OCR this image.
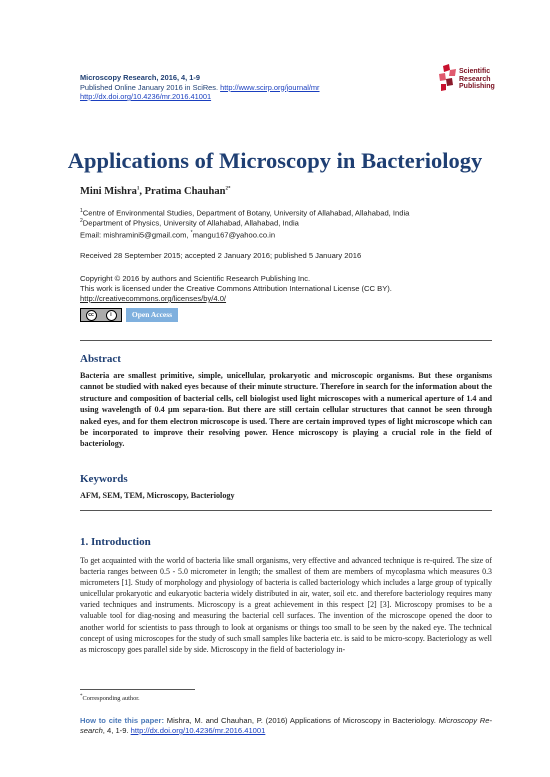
Microscopy Research, 2016, 4, 1-9
Published Online January 2016 in SciRes. http://www.scirp.org/journal/mr
http://dx.doi.org/10.4236/mr.2016.41001
Scientific
Research
Publishing
Applications of Microscopy in Bacteriology
Mini Mishra$^1$, Pratima Chauhan$^{2*}$
$^1$Centre of Environmental Studies, Department of Botany, University of Allahabad, Allahabad, India
$^2$Department of Physics, University of Allahabad, Allahabad, India
Email: mishramini5@gmail.com, *mangu167@yahoo.co.in
Received 28 September 2015; accepted 2 January 2016; published 5 January 2016
Copyright © 2016 by authors and Scientific Research Publishing Inc.
This work is licensed under the Creative Commons Attribution International License (CC BY).
http://creativecommons.org/licenses/by/4.0/
cc	i	Open Access
Abstract

Bacteria are smallest primitive, simple, unicellular, prokaryotic and microscopic organisms. But these organisms cannot be studied with naked eyes because of their minute structure. Therefore in search for the information about the structure and composition of bacterial cells, cell biologist used light microscopes with a numerical aperture of 1.4 and using wavelength of 0.4 μm separa-tion. But there are still certain cellular structures that cannot be seen through naked eyes, and for them electron microscope is used. There are certain improved types of light microscope which can be incorporated to improve their resolving power. Hence microscopy is playing a crucial role in the field of bacteriology.

Keywords
AFM, SEM, TEM, Microscopy, Bacteriology
1. Introduction

To get acquainted with the world of bacteria like small organisms, very effective and advanced technique is re-quired. The size of bacteria ranges between 0.5 - 5.0 micrometer in length; the smallest of them are members of mycoplasma which measures 0.3 micrometers [1]. Study of morphology and physiology of bacteria is called bacteriology which includes a large group of typically unicellular prokaryotic and eukaryotic bacteria widely distributed in air, water, soil etc. and therefore bacteriology requires many varied techniques and instruments. Microscopy is a great achievement in this respect [2] [3]. Microscopy promises to be a valuable tool for diag-nosing and measuring the bacterial cell surfaces. The invention of the microscope opened the door to another world for scientists to pass through to look at organisms or things too small to be seen by the naked eye. The technical concept of using microscopes for the study of such small samples like bacteria etc. is said to be micro-scopy. Bacteriology as well as microscopy goes parallel side by side. Microscopy in the field of bacteriology in-

*Corresponding author.
How to cite this paper: Mishra, M. and Chauhan, P. (2016) Applications of Microscopy in Bacteriology. Microscopy Re-search, 4, 1-9. http://dx.doi.org/10.4236/mr.2016.41001
